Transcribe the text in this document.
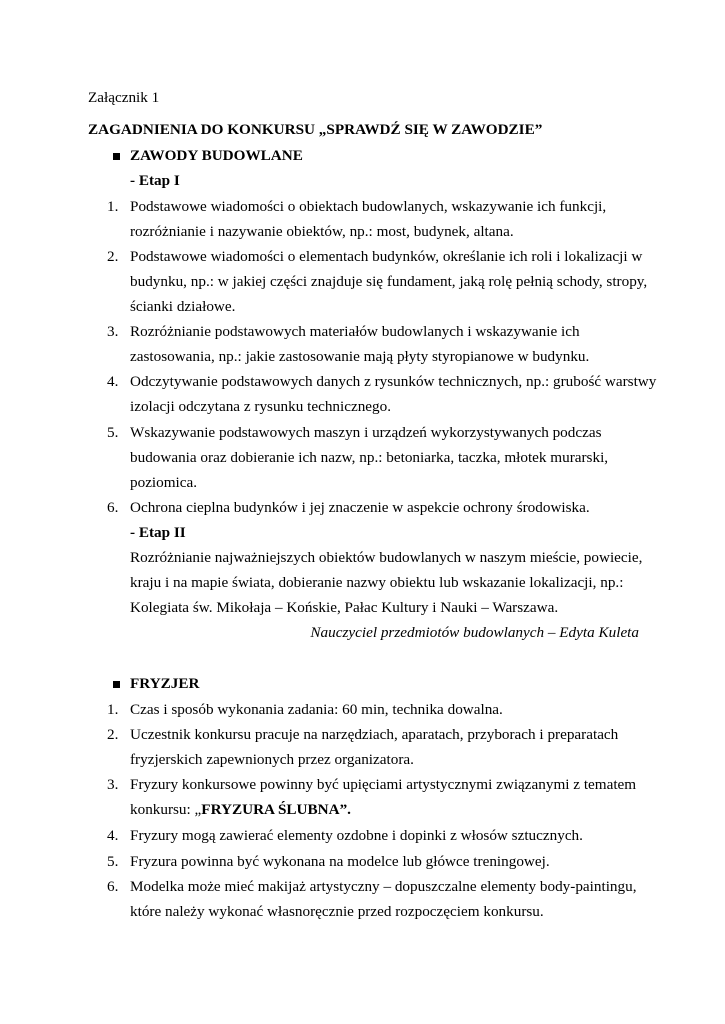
Załącznik 1
ZAGADNIENIA DO KONKURSU „SPRAWDŹ SIĘ W ZAWODZIE”
ZAWODY BUDOWLANE
- Etap I
1. Podstawowe wiadomości o obiektach budowlanych, wskazywanie ich funkcji,
rozróżnianie i nazywanie obiektów, np.: most, budynek, altana.
2. Podstawowe wiadomości o elementach budynków, określanie ich roli i lokalizacji w
budynku, np.: w jakiej części znajduje się fundament, jaką rolę pełnią schody, stropy,
ścianki działowe.
3. Rozróżnianie podstawowych materiałów budowlanych i wskazywanie ich
zastosowania, np.: jakie zastosowanie mają płyty styropianowe w budynku.
4. Odczytywanie podstawowych danych z rysunków technicznych, np.: grubość warstwy
izolacji odczytana z rysunku technicznego.
5. Wskazywanie podstawowych maszyn i urządzeń wykorzystywanych podczas
budowania oraz dobieranie ich nazw, np.: betoniarka, taczka, młotek murarski,
poziomica.
6. Ochrona cieplna budynków i jej znaczenie w aspekcie ochrony środowiska.
- Etap II
Rozróżnianie najważniejszych obiektów budowlanych w naszym mieście, powiecie,
kraju i na mapie świata, dobieranie nazwy obiektu lub wskazanie lokalizacji, np.:
Kolegiata św. Mikołaja – Końskie, Pałac Kultury i Nauki – Warszawa.
Nauczyciel przedmiotów budowlanych – Edyta Kuleta
FRYZJER
1. Czas i sposób wykonania zadania: 60 min, technika dowalna.
2. Uczestnik konkursu pracuje na narzędziach, aparatach, przyborach i preparatach
fryzjerskich zapewnionych przez organizatora.
3. Fryzury konkursowe powinny być upięciami artystycznymi związanymi z tematem
konkursu: „FRYZURA ŚLUBNA”.
4. Fryzury mogą zawierać elementy ozdobne i dopinki z włosów sztucznych.
5. Fryzura powinna być wykonana na modelce lub główce treningowej.
6. Modelka może mieć makijaż artystyczny – dopuszczalne elementy body-paintingu,
które należy wykonać własnoręcznie przed rozpoczęciem konkursu.
